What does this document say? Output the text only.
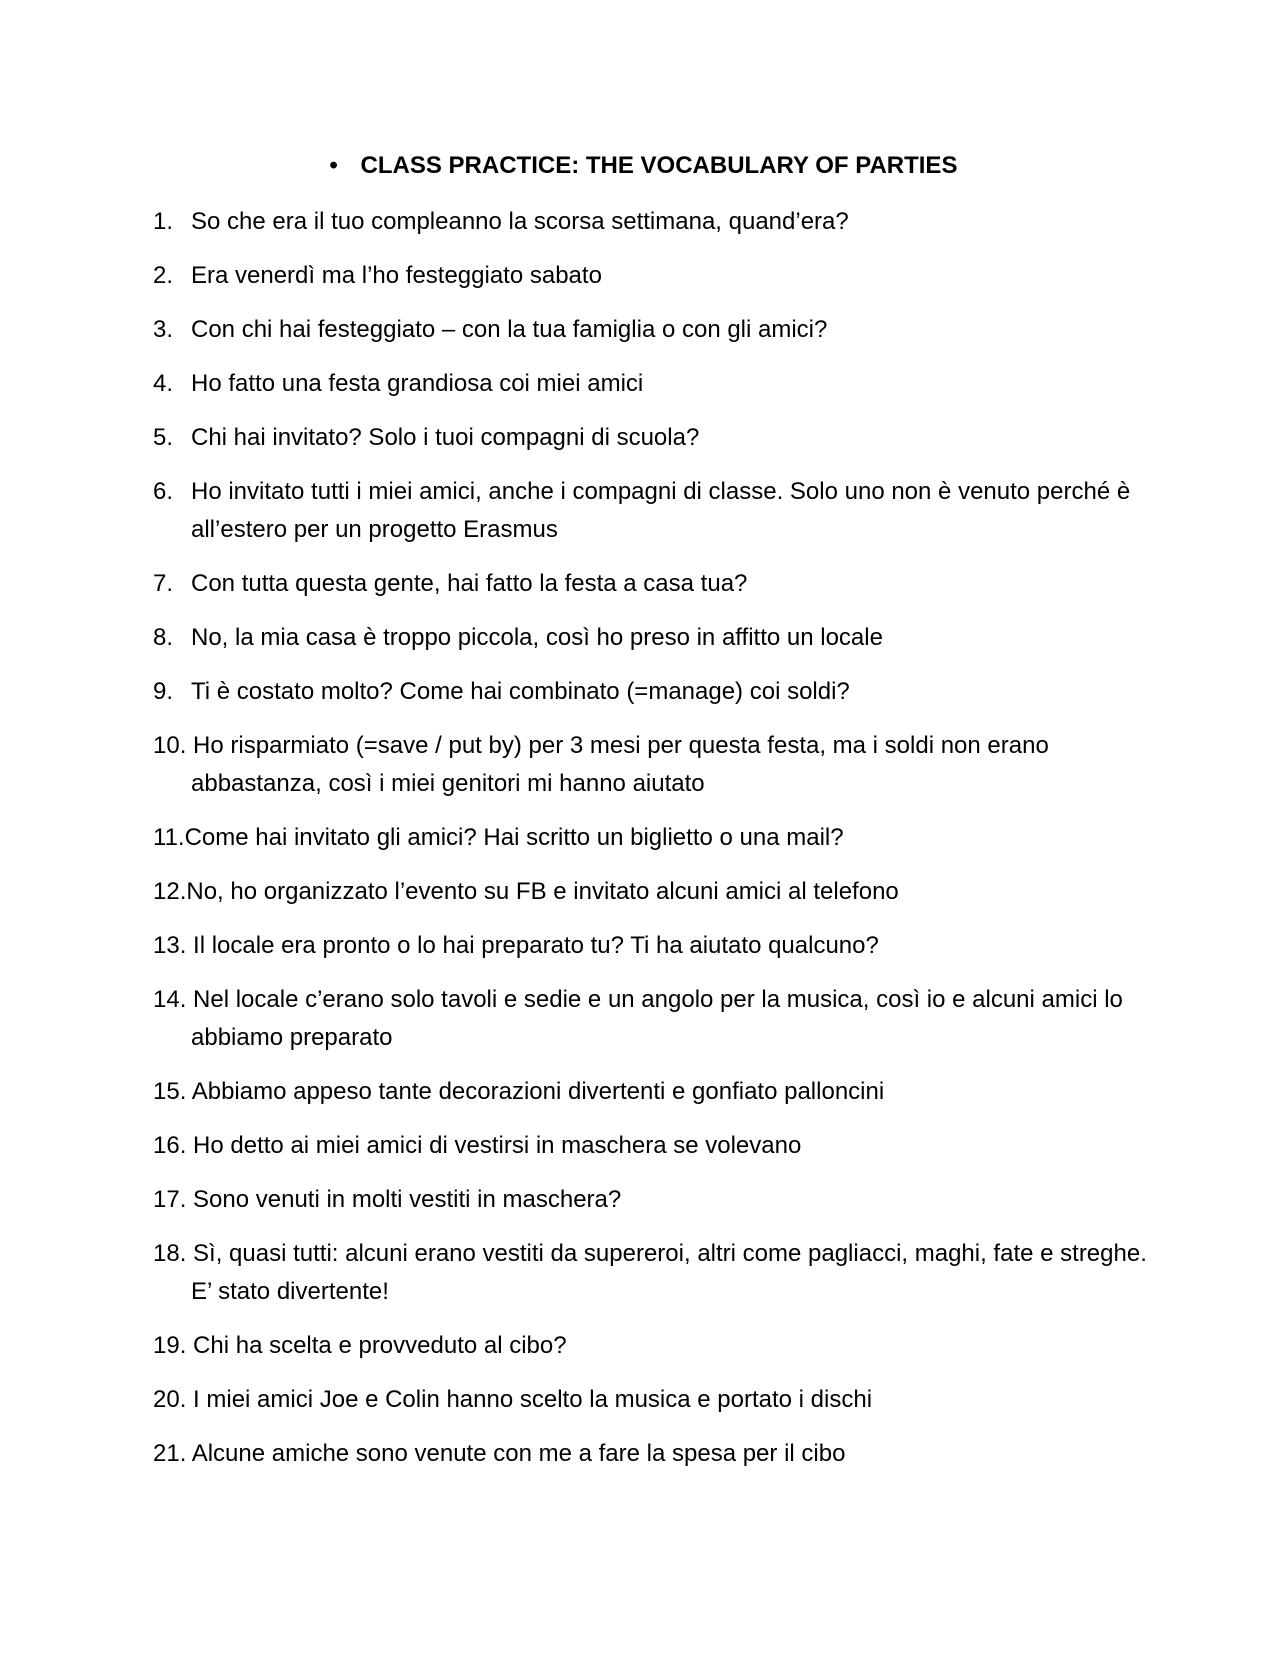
• CLASS PRACTICE: THE VOCABULARY OF PARTIES
1. So che era il tuo compleanno la scorsa settimana, quand’era?
2. Era venerdì ma l’ho festeggiato sabato
3. Con chi hai festeggiato – con la tua famiglia o con gli amici?
4. Ho fatto una festa grandiosa coi miei amici
5. Chi hai invitato? Solo i tuoi compagni di scuola?
6. Ho invitato tutti i miei amici, anche i compagni di classe. Solo uno non è venuto perché è all’estero per un progetto Erasmus
7. Con tutta questa gente, hai fatto la festa a casa tua?
8. No, la mia casa è troppo piccola, così ho preso in affitto un locale
9. Ti è costato molto? Come hai combinato (=manage) coi soldi?
10. Ho risparmiato (=save / put by) per 3 mesi per questa festa, ma i soldi non erano abbastanza, così i miei genitori mi hanno aiutato
11.Come hai invitato gli amici? Hai scritto un biglietto o una mail?
12.No, ho organizzato l’evento su FB e invitato alcuni amici al telefono
13. Il locale era pronto o lo hai preparato tu? Ti ha aiutato qualcuno?
14. Nel locale c’erano solo tavoli e sedie e un angolo per la musica, così io e alcuni amici lo abbiamo preparato
15. Abbiamo appeso tante decorazioni divertenti e gonfiato palloncini
16. Ho detto ai miei amici di vestirsi in maschera se volevano
17. Sono venuti in molti vestiti in maschera?
18. Sì, quasi tutti: alcuni erano vestiti da supereroi, altri come pagliacci, maghi, fate e streghe. E’ stato divertente!
19. Chi ha scelta e provveduto al cibo?
20. I miei amici Joe e Colin hanno scelto la musica e portato i dischi
21. Alcune amiche sono venute con me a fare la spesa per il cibo
